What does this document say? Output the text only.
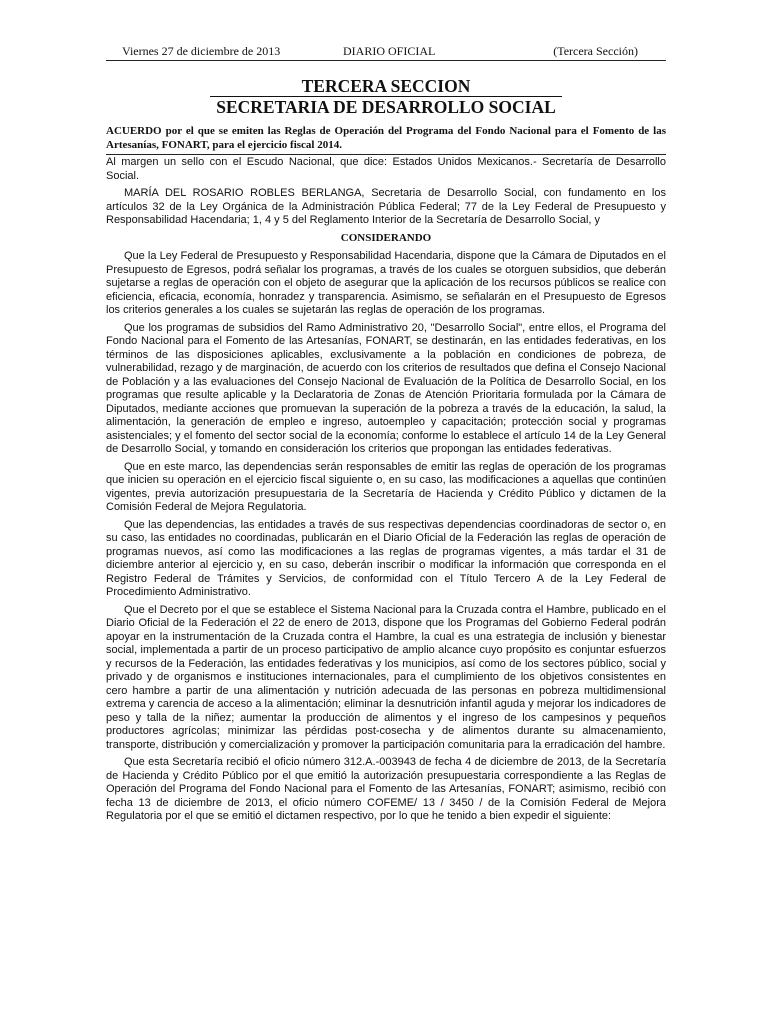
Viernes 27 de diciembre de 2013	DIARIO OFICIAL	(Tercera Sección)
TERCERA SECCION
SECRETARIA DE DESARROLLO SOCIAL
ACUERDO por el que se emiten las Reglas de Operación del Programa del Fondo Nacional para el Fomento de las Artesanías, FONART, para el ejercicio fiscal 2014.

Al margen un sello con el Escudo Nacional, que dice: Estados Unidos Mexicanos.- Secretaría de Desarrollo Social.

MARÍA DEL ROSARIO ROBLES BERLANGA, Secretaria de Desarrollo Social, con fundamento en los artículos 32 de la Ley Orgánica de la Administración Pública Federal; 77 de la Ley Federal de Presupuesto y Responsabilidad Hacendaria; 1, 4 y 5 del Reglamento Interior de la Secretaría de Desarrollo Social, y

CONSIDERANDO

Que la Ley Federal de Presupuesto y Responsabilidad Hacendaria, dispone que la Cámara de Diputados en el Presupuesto de Egresos, podrá señalar los programas, a través de los cuales se otorguen subsidios, que deberán sujetarse a reglas de operación con el objeto de asegurar que la aplicación de los recursos públicos se realice con eficiencia, eficacia, economía, honradez y transparencia. Asimismo, se señalarán en el Presupuesto de Egresos los criterios generales a los cuales se sujetarán las reglas de operación de los programas.

Que los programas de subsidios del Ramo Administrativo 20, "Desarrollo Social", entre ellos, el Programa del Fondo Nacional para el Fomento de las Artesanías, FONART, se destinarán, en las entidades federativas, en los términos de las disposiciones aplicables, exclusivamente a la población en condiciones de pobreza, de vulnerabilidad, rezago y de marginación, de acuerdo con los criterios de resultados que defina el Consejo Nacional de Población y a las evaluaciones del Consejo Nacional de Evaluación de la Política de Desarrollo Social, en los programas que resulte aplicable y la Declaratoria de Zonas de Atención Prioritaria formulada por la Cámara de Diputados, mediante acciones que promuevan la superación de la pobreza a través de la educación, la salud, la alimentación, la generación de empleo e ingreso, autoempleo y capacitación; protección social y programas asistenciales; y el fomento del sector social de la economía; conforme lo establece el artículo 14 de la Ley General de Desarrollo Social, y tomando en consideración los criterios que propongan las entidades federativas.

Que en este marco, las dependencias serán responsables de emitir las reglas de operación de los programas que inicien su operación en el ejercicio fiscal siguiente o, en su caso, las modificaciones a aquellas que continúen vigentes, previa autorización presupuestaria de la Secretaría de Hacienda y Crédito Público y dictamen de la Comisión Federal de Mejora Regulatoria.

Que las dependencias, las entidades a través de sus respectivas dependencias coordinadoras de sector o, en su caso, las entidades no coordinadas, publicarán en el Diario Oficial de la Federación las reglas de operación de programas nuevos, así como las modificaciones a las reglas de programas vigentes, a más tardar el 31 de diciembre anterior al ejercicio y, en su caso, deberán inscribir o modificar la información que corresponda en el Registro Federal de Trámites y Servicios, de conformidad con el Título Tercero A de la Ley Federal de Procedimiento Administrativo.

Que el Decreto por el que se establece el Sistema Nacional para la Cruzada contra el Hambre, publicado en el Diario Oficial de la Federación el 22 de enero de 2013, dispone que los Programas del Gobierno Federal podrán apoyar en la instrumentación de la Cruzada contra el Hambre, la cual es una estrategia de inclusión y bienestar social, implementada a partir de un proceso participativo de amplio alcance cuyo propósito es conjuntar esfuerzos y recursos de la Federación, las entidades federativas y los municipios, así como de los sectores público, social y privado y de organismos e instituciones internacionales, para el cumplimiento de los objetivos consistentes en cero hambre a partir de una alimentación y nutrición adecuada de las personas en pobreza multidimensional extrema y carencia de acceso a la alimentación; eliminar la desnutrición infantil aguda y mejorar los indicadores de peso y talla de la niñez; aumentar la producción de alimentos y el ingreso de los campesinos y pequeños productores agrícolas; minimizar las pérdidas post-cosecha y de alimentos durante su almacenamiento, transporte, distribución y comercialización y promover la participación comunitaria para la erradicación del hambre.

Que esta Secretaría recibió el oficio número 312.A.-003943 de fecha 4 de diciembre de 2013, de la Secretaría de Hacienda y Crédito Público por el que emitió la autorización presupuestaria correspondiente a las Reglas de Operación del Programa del Fondo Nacional para el Fomento de las Artesanías, FONART; asimismo, recibió con fecha 13 de diciembre de 2013, el oficio número COFEME/ 13 / 3450 / de la Comisión Federal de Mejora Regulatoria por el que se emitió el dictamen respectivo, por lo que he tenido a bien expedir el siguiente:
